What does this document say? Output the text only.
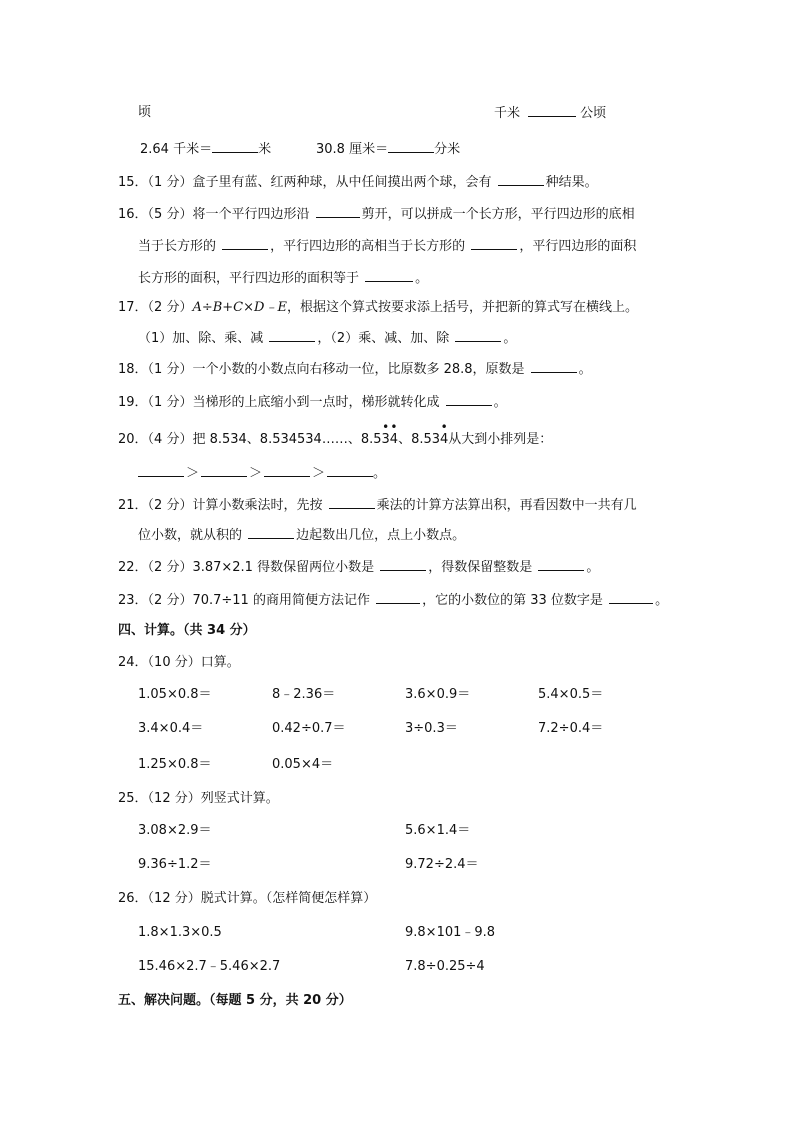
顷	千米	公顷
2.64 千米＝	米	30.8 厘米＝	分米
15．（1 分）盒子里有蓝、红两种球，从中任间摸出两个球，会有	种结果。
16．（5 分）将一个平行四边形沿	剪开，可以拼成一个长方形，平行四边形的底相
当于长方形的	，平行四边形的高相当于长方形的	，平行四边形的面积
长方形的面积，平行四边形的面积等于	。
17．（2 分）A÷B+C×D﹣E，根据这个算式按要求添上括号，并把新的算式写在横线上。
（1）加、除、乘、减	，（2）乘、减、加、除	。
18．（1 分）一个小数的小数点向右移动一位，比原数多 28.8，原数是	。
19．（1 分）当梯形的上底缩小到一点时，梯形就转化成	。
20．（4 分）把 8.534、8.534534……、8.5
•
3
•
4、8.53
•
4从大到小排列是：
＞	＞	＞	。
21．（2 分）计算小数乘法时，先按	乘法的计算方法算出积，再看因数中一共有几
位小数，就从积的	边起数出几位，点上小数点。
22．（2 分）3.87×2.1 得数保留两位小数是	，得数保留整数是	。
23．（2 分）70.7÷11 的商用简便方法记作	，它的小数位的第 33 位数字是	。
四、计算。（共 34 分）
24．（10 分）口算。
1.05×0.8＝	8﹣2.36＝	3.6×0.9＝	5.4×0.5＝
3.4×0.4＝	0.42÷0.7＝	3÷0.3＝	7.2÷0.4＝
1.25×0.8＝	0.05×4＝
25．（12 分）列竖式计算。
3.08×2.9＝	5.6×1.4＝
9.36÷1.2＝	9.72÷2.4＝
26．（12 分）脱式计算。（怎样简便怎样算）
1.8×1.3×0.5	9.8×101﹣9.8
15.46×2.7﹣5.46×2.7	7.8÷0.25÷4
五、解决问题。（每题 5 分，共 20 分）
